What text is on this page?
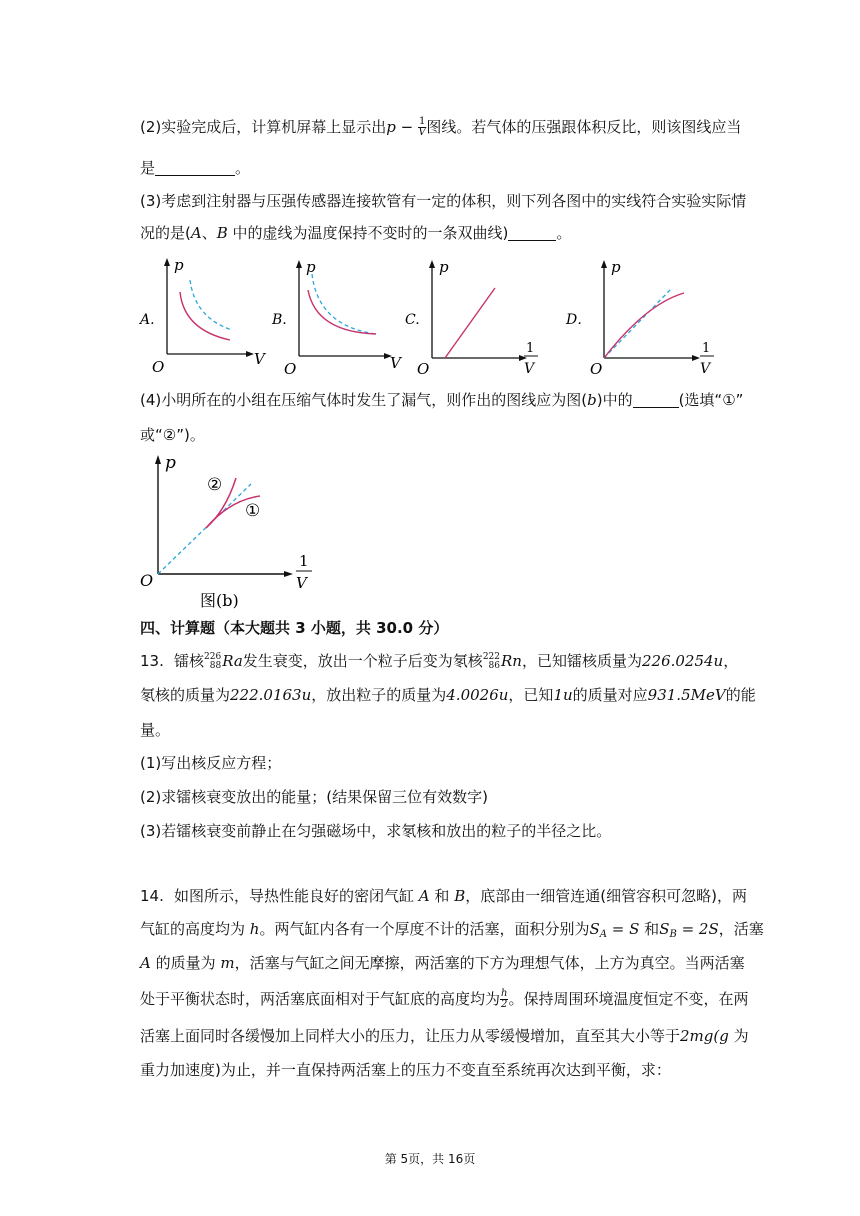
(2)实验完成后，计算机屏幕上显示出$p - \frac{1}{V}$ 图线。若气体的压强跟体积反比，则该图线应当
是	。
(3)考虑到注射器与压强传感器连接软管有一定的体积，则下列各图中的实线符合实验实际情
况的是(A、B 中的虚线为温度保持不变时的一条双曲线)	。
A.
p
V
O
B.
p
V
O
C.
p
O
1
V
D．
p
O
1
V
(4)小明所在的小组在压缩气体时发生了漏气，则作出的图线应为图(b)中的	(选填“①”
或“②”)。
p
O
1
V
②
①
图(b)
四、计算题（本大题共 3 小题，共 30.0 分）
13. 镭核 226
88 Ra发生衰变，放出一个粒子后变为氡核 222
86 Rn，已知镭核质量为226.0254u，
氡核的质量为222.0163u，放出粒子的质量为4.0026u，已知1u的质量对应931.5MeV的能
量。
(1)写出核反应方程；
(2)求镭核衰变放出的能量；(结果保留三位有效数字)
(3)若镭核衰变前静止在匀强磁场中，求氡核和放出的粒子的半径之比。
14. 如图所示，导热性能良好的密闭气缸 A 和 B，底部由一细管连通(细管容积可忽略)，两
气缸的高度均为 h。两气缸内各有一个厚度不计的活塞，面积分别为$S_A = S$ 和$S_B = 2S$，活塞
A 的质量为 m，活塞与气缸之间无摩擦，两活塞的下方为理想气体，上方为真空。当两活塞
处于平衡状态时，两活塞底面相对于气缸底的高度均为 $\frac{h}{2}$ 。保持周围环境温度恒定不变，在两
活塞上面同时各缓慢加上同样大小的压力，让压力从零缓慢增加，直至其大小等于2mg(g 为
重力加速度)为止，并一直保持两活塞上的压力不变直至系统再次达到平衡，求：
第 5页，共 16页
